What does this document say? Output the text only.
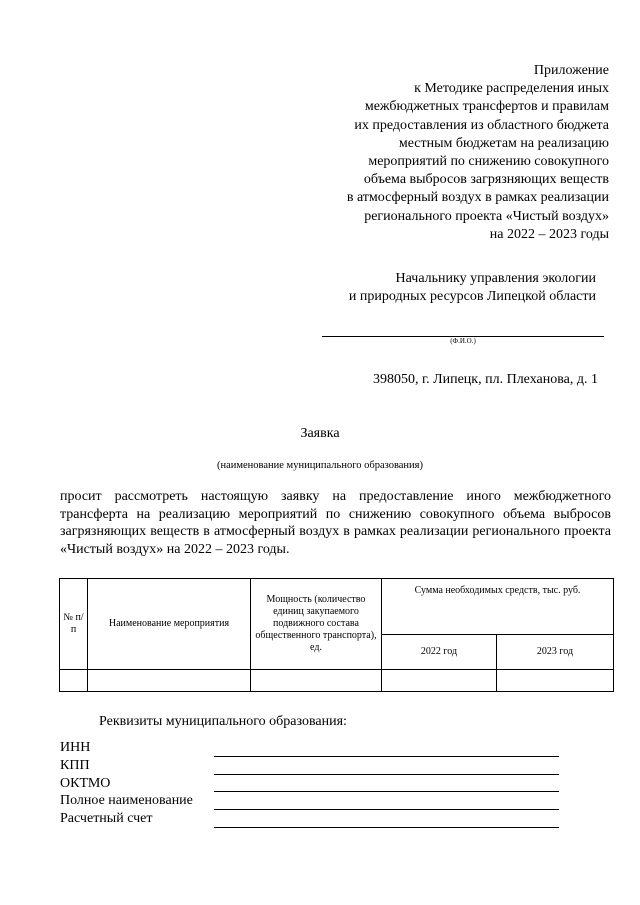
Приложение
к Методике распределения иных
межбюджетных трансфертов и правилам
их предоставления из областного бюджета
местным бюджетам на реализацию
мероприятий по снижению совокупного
объема выбросов загрязняющих веществ
в атмосферный воздух в рамках реализации
регионального проекта «Чистый воздух»
на 2022 – 2023 годы
Начальнику управления экологии
и природных ресурсов Липецкой области
(Ф.И.О.)
398050, г. Липецк, пл. Плеханова, д. 1
Заявка
(наименование муниципального образования)
просит рассмотреть настоящую заявку на предоставление иного межбюджетного трансферта на реализацию мероприятий по снижению совокупного объема выбросов загрязняющих веществ в атмосферный воздух в рамках реализации регионального проекта «Чистый воздух» на 2022 – 2023 годы.
№ п/п	Наименование мероприятия	Мощность (количество единиц закупаемого подвижного состава общественного транспорта), ед.	Сумма необходимых средств, тыс. руб.	
			2022 год	2023 год

Реквизиты муниципального образования:
ИНН
КПП
ОКТМО
Полное наименование
Расчетный счет
